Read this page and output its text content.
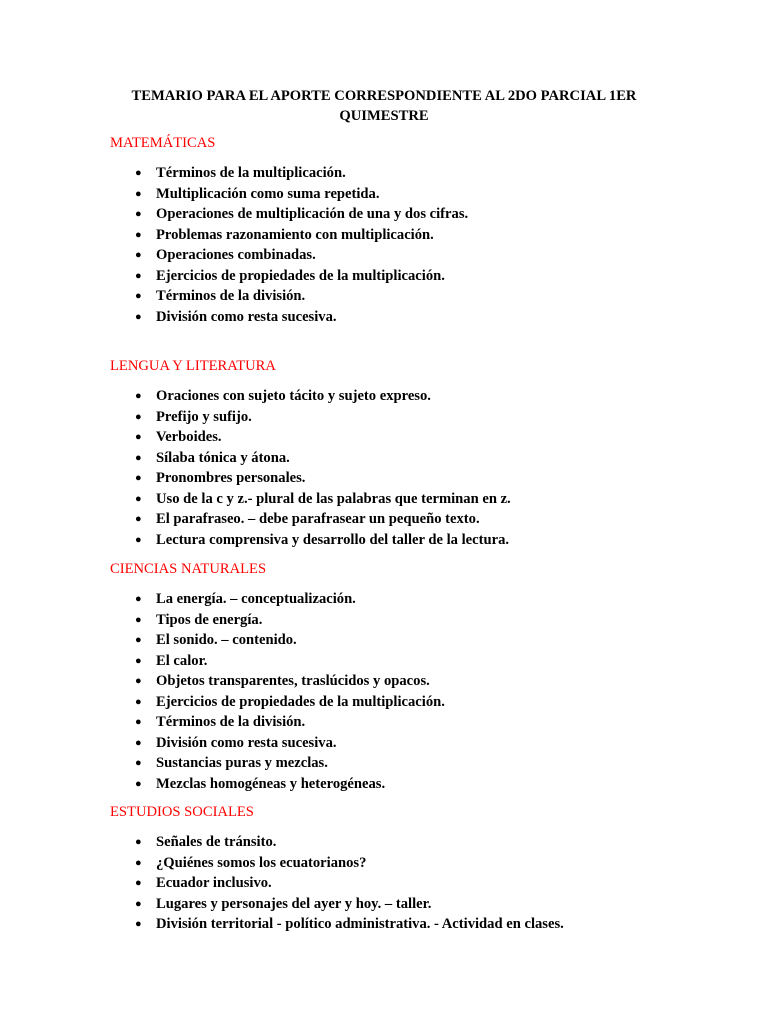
TEMARIO PARA EL APORTE CORRESPONDIENTE AL 2DO PARCIAL 1ER QUIMESTRE
MATEMÁTICAS
● Términos de la multiplicación.
● Multiplicación como suma repetida.
● Operaciones de multiplicación de una y dos cifras.
● Problemas razonamiento con multiplicación.
● Operaciones combinadas.
● Ejercicios de propiedades de la multiplicación.
● Términos de la división.
● División como resta sucesiva.
LENGUA Y LITERATURA
● Oraciones con sujeto tácito y sujeto expreso.
● Prefijo y sufijo.
● Verboides.
● Sílaba tónica y átona.
● Pronombres personales.
● Uso de la c y z.- plural de las palabras que terminan en z.
● El parafraseo. – debe parafrasear un pequeño texto.
● Lectura comprensiva y desarrollo del taller de la lectura.
CIENCIAS NATURALES
● La energía. – conceptualización.
● Tipos de energía.
● El sonido. – contenido.
● El calor.
● Objetos transparentes, traslúcidos y opacos.
● Ejercicios de propiedades de la multiplicación.
● Términos de la división.
● División como resta sucesiva.
● Sustancias puras y mezclas.
● Mezclas homogéneas y heterogéneas.
ESTUDIOS SOCIALES
● Señales de tránsito.
● ¿Quiénes somos los ecuatorianos?
● Ecuador inclusivo.
● Lugares y personajes del ayer y hoy. – taller.
● División territorial - político administrativa. - Actividad en clases.
